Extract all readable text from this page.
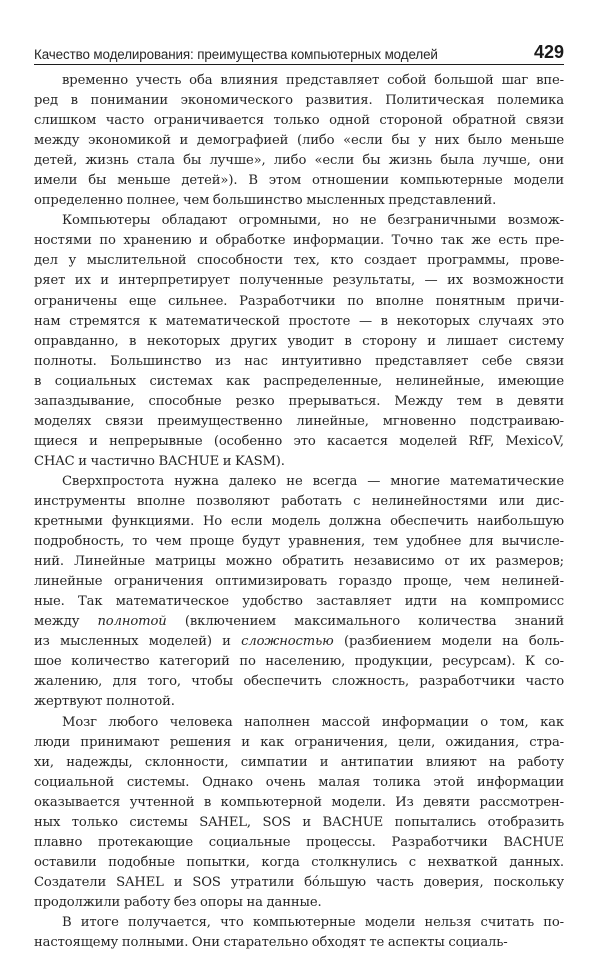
Качество моделирования: преимущества компьютерных моделей	429

временно учесть оба влияния представляет собой большой шаг впе-
ред в понимании экономического развития. Политическая полемика
слишком часто ограничивается только одной стороной обратной связи
между экономикой и демографией (либо «если бы у них было меньше
детей, жизнь стала бы лучше», либо «если бы жизнь была лучше, они
имели бы меньше детей»). В этом отношении компьютерные модели
определенно полнее, чем большинство мысленных представлений.

Компьютеры обладают огромными, но не безграничными возмож-
ностями по хранению и обработке информации. Точно так же есть пре-
дел у мыслительной способности тех, кто создает программы, прове-
ряет их и интерпретирует полученные результаты, — их возможности
ограничены еще сильнее. Разработчики по вполне понятным причи-
нам стремятся к математической простоте — в некоторых случаях это
оправданно, в некоторых других уводит в сторону и лишает систему
полноты. Большинство из нас интуитивно представляет себе связи
в социальных системах как распределенные, нелинейные, имеющие
запаздывание, способные резко прерываться. Между тем в девяти
моделях связи преимущественно линейные, мгновенно подстраиваю-
щиеся и непрерывные (особенно это касается моделей RfF, MexicoV,
CHAC и частично BACHUE и KASM).

Сверхпростота нужна далеко не всегда — многие математические
инструменты вполне позволяют работать с нелинейностями или дис-
кретными функциями. Но если модель должна обеспечить наибольшую
подробность, то чем проще будут уравнения, тем удобнее для вычисле-
ний. Линейные матрицы можно обратить независимо от их размеров;
линейные ограничения оптимизировать гораздо проще, чем нелиней-
ные. Так математическое удобство заставляет идти на компромисс
между полнотой (включением максимального количества знаний
из мысленных моделей) и сложностью (разбиением модели на боль-
шое количество категорий по населению, продукции, ресурсам). К со-
жалению, для того, чтобы обеспечить сложность, разработчики часто
жертвуют полнотой.

Мозг любого человека наполнен массой информации о том, как
люди принимают решения и как ограничения, цели, ожидания, стра-
хи, надежды, склонности, симпатии и антипатии влияют на работу
социальной системы. Однако очень малая толика этой информации
оказывается учтенной в компьютерной модели. Из девяти рассмотрен-
ных только системы SAHEL, SOS и BACHUE попытались отобразить
плавно протекающие социальные процессы. Разработчики BACHUE
оставили подобные попытки, когда столкнулись с нехваткой данных.
Создатели SAHEL и SOS утратили бóльшую часть доверия, поскольку
продолжили работу без опоры на данные.

В итоге получается, что компьютерные модели нельзя считать по-
настоящему полными. Они старательно обходят те аспекты социаль-
